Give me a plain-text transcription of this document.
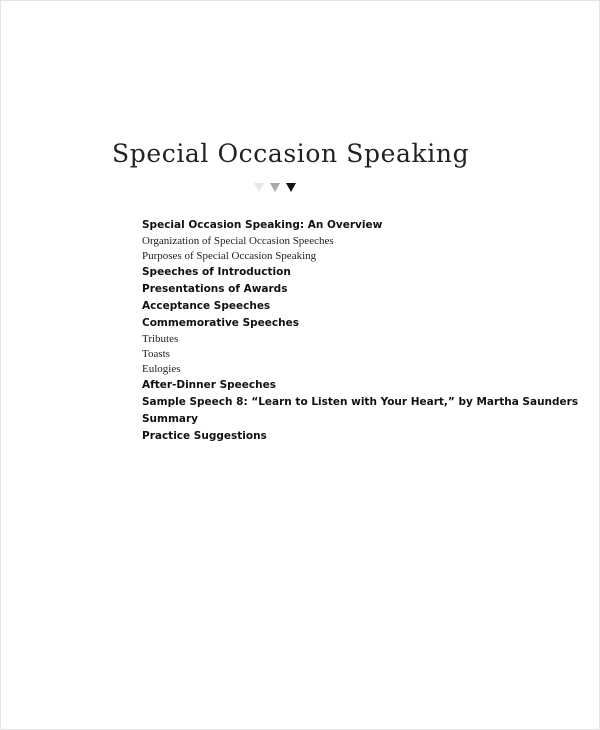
Special Occasion Speaking
Special Occasion Speaking: An Overview
Organization of Special Occasion Speeches
Purposes of Special Occasion Speaking
Speeches of Introduction
Presentations of Awards
Acceptance Speeches
Commemorative Speeches
Tributes
Toasts
Eulogies
After-Dinner Speeches
Sample Speech 8: “Learn to Listen with Your Heart,” by Martha Saunders
Summary
Practice Suggestions
